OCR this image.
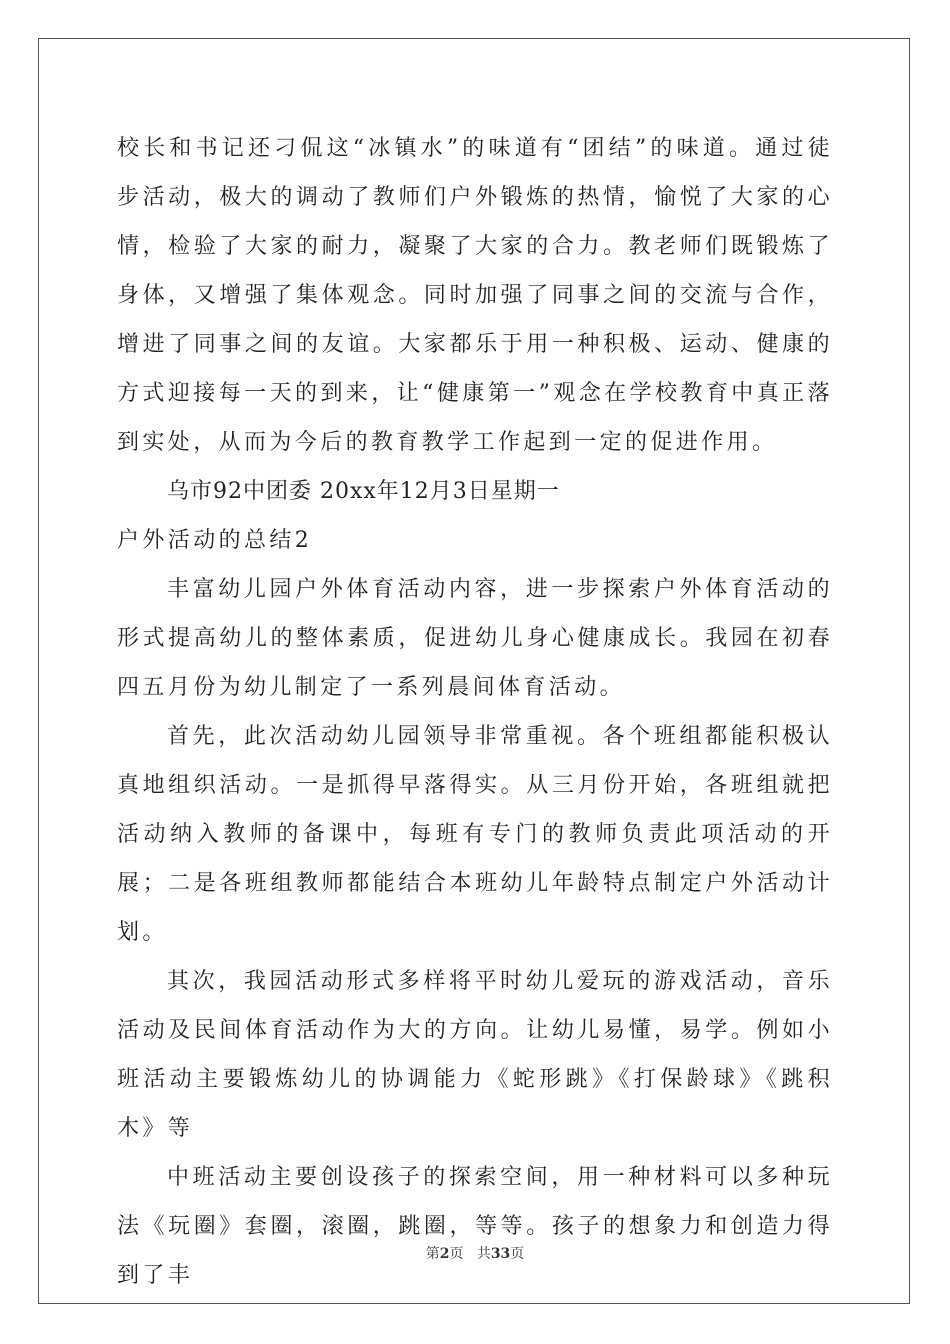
校长和书记还刁侃这“冰镇水”的味道有“团结”的味道。通过徒步活动，极大的调动了教师们户外锻炼的热情，愉悦了大家的心情，检验了大家的耐力，凝聚了大家的合力。教老师们既锻炼了身体，又增强了集体观念。同时加强了同事之间的交流与合作，增进了同事之间的友谊。大家都乐于用一种积极、运动、健康的方式迎接每一天的到来，让“健康第一”观念在学校教育中真正落到实处，从而为今后的教育教学工作起到一定的促进作用。

乌市92中团委 20xx年12月3日星期一

户外活动的总结2

丰富幼儿园户外体育活动内容，进一步探索户外体育活动的形式提高幼儿的整体素质，促进幼儿身心健康成长。我园在初春四五月份为幼儿制定了一系列晨间体育活动。

首先，此次活动幼儿园领导非常重视。各个班组都能积极认真地组织活动。一是抓得早落得实。从三月份开始，各班组就把活动纳入教师的备课中，每班有专门的教师负责此项活动的开展；二是各班组教师都能结合本班幼儿年龄特点制定户外活动计划。

其次，我园活动形式多样将平时幼儿爱玩的游戏活动，音乐活动及民间体育活动作为大的方向。让幼儿易懂，易学。例如小班活动主要锻炼幼儿的协调能力《蛇形跳》《打保龄球》《跳积木》等

中班活动主要创设孩子的探索空间，用一种材料可以多种玩法《玩圈》套圈，滚圈，跳圈，等等。孩子的想象力和创造力得到了丰

第2页 共33页
